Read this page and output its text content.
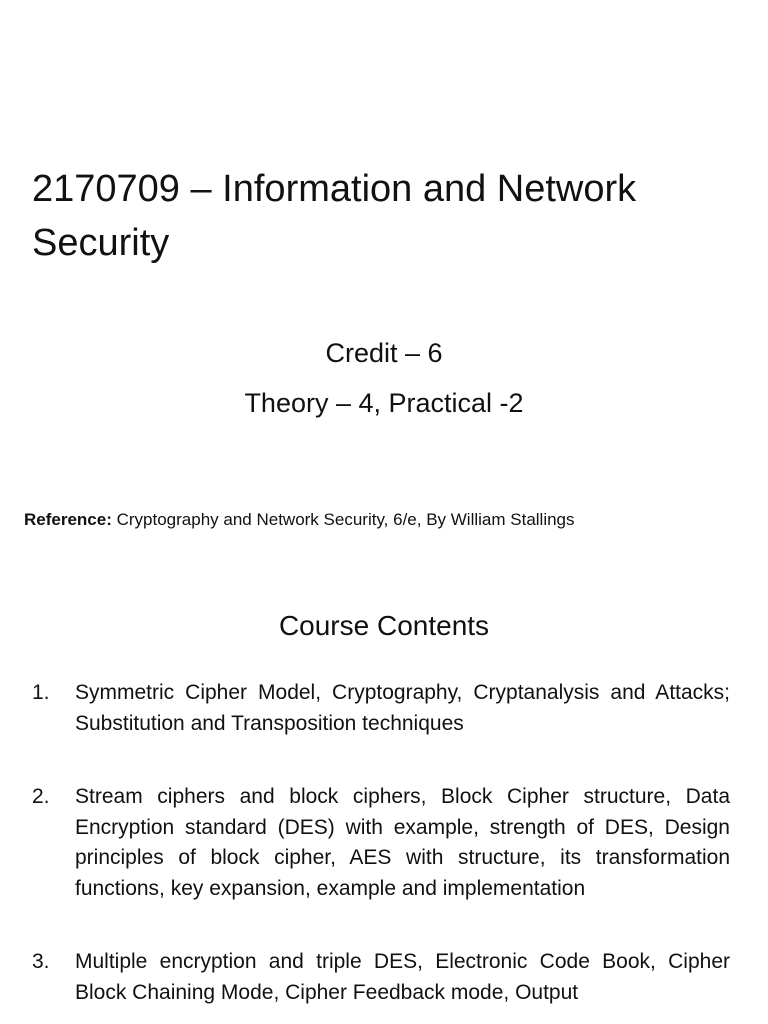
2170709 – Information and Network Security
Credit – 6
Theory – 4, Practical -2
Reference: Cryptography and Network Security, 6/e, By William Stallings
Course Contents
1. Symmetric Cipher Model, Cryptography, Cryptanalysis and Attacks; Substitution and Transposition techniques
2. Stream ciphers and block ciphers, Block Cipher structure, Data Encryption standard (DES) with example, strength of DES, Design principles of block cipher, AES with structure, its transformation functions, key expansion, example and implementation
3. Multiple encryption and triple DES, Electronic Code Book, Cipher Block Chaining Mode, Cipher Feedback mode, Output
